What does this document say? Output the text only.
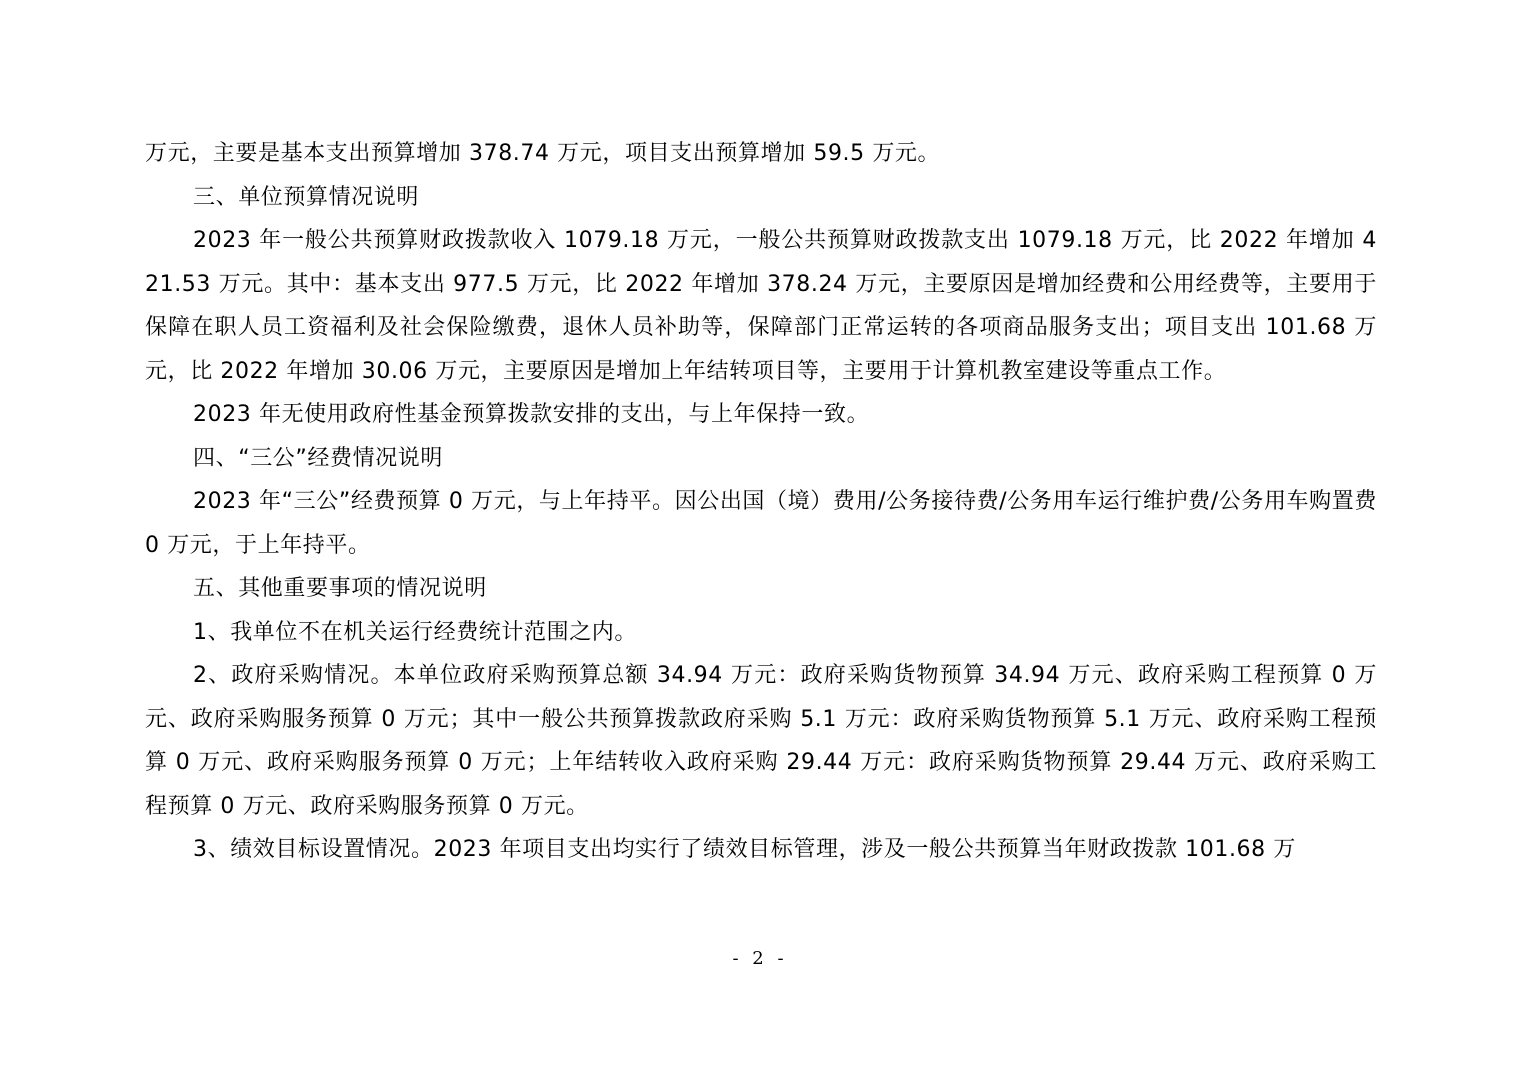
万元，主要是基本支出预算增加 378.74 万元，项目支出预算增加 59.5 万元。

三、单位预算情况说明

2023 年一般公共预算财政拨款收入 1079.18 万元，一般公共预算财政拨款支出 1079.18 万元，比 2022 年增加 421.53 万元。其中：基本支出 977.5 万元，比 2022 年增加 378.24 万元，主要原因是增加经费和公用经费等，主要用于保障在职人员工资福利及社会保险缴费，退休人员补助等，保障部门正常运转的各项商品服务支出；项目支出 101.68 万元，比 2022 年增加 30.06 万元，主要原因是增加上年结转项目等，主要用于计算机教室建设等重点工作。

2023 年无使用政府性基金预算拨款安排的支出，与上年保持一致。

四、“三公”经费情况说明

2023 年“三公”经费预算 0 万元，与上年持平。因公出国（境）费用/公务接待费/公务用车运行维护费/公务用车购置费 0 万元，于上年持平。

五、其他重要事项的情况说明

1、我单位不在机关运行经费统计范围之内。

2、政府采购情况。本单位政府采购预算总额 34.94 万元：政府采购货物预算 34.94 万元、政府采购工程预算 0 万元、政府采购服务预算 0 万元；其中一般公共预算拨款政府采购 5.1 万元：政府采购货物预算 5.1 万元、政府采购工程预算 0 万元、政府采购服务预算 0 万元；上年结转收入政府采购 29.44 万元：政府采购货物预算 29.44 万元、政府采购工程预算 0 万元、政府采购服务预算 0 万元。

3、绩效目标设置情况。2023 年项目支出均实行了绩效目标管理，涉及一般公共预算当年财政拨款 101.68 万

- 2 -
